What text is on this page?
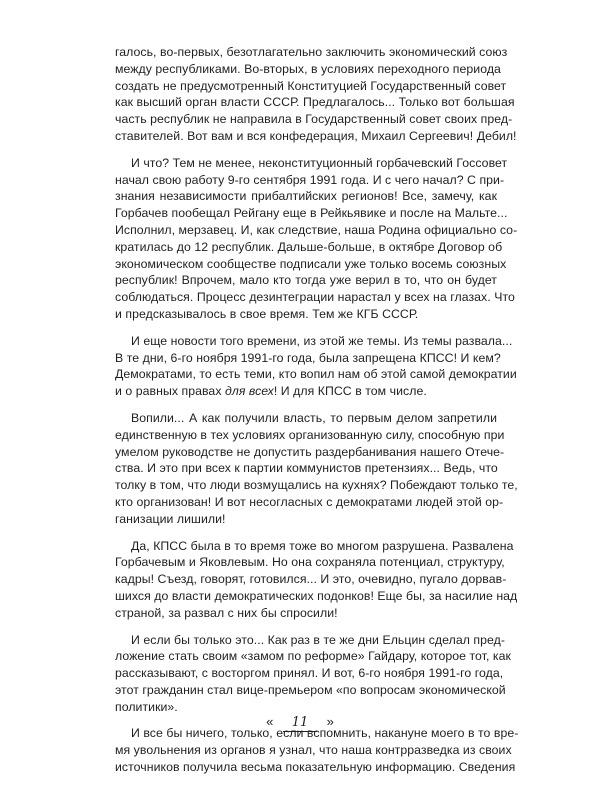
галось, во-первых, безотлагательно заключить экономический союз
между республиками. Во-вторых, в условиях переходного периода
создать не предусмотренный Конституцией Государственный совет
как высший орган власти СССР. Предлагалось... Только вот большая
часть республик не направила в Государственный совет своих пред-
ставителей. Вот вам и вся конфедерация, Михаил Сергеевич! Дебил!

И что? Тем не менее, неконституционный горбачевский Госсовет
начал свою работу 9-го сентября 1991 года. И с чего начал? С при-
знания независимости прибалтийских регионов! Все, замечу, как
Горбачев пообещал Рейгану еще в Рейкьявике и после на Мальте...
Исполнил, мерзавец. И, как следствие, наша Родина официально со-
кратилась до 12 республик. Дальше-больше, в октябре Договор об
экономическом сообществе подписали уже только восемь союзных
республик! Впрочем, мало кто тогда уже верил в то, что он будет
соблюдаться. Процесс дезинтеграции нарастал у всех на глазах. Что
и предсказывалось в свое время. Тем же КГБ СССР.

И еще новости того времени, из этой же темы. Из темы развала...
В те дни, 6-го ноября 1991-го года, была запрещена КПСС! И кем?
Демократами, то есть теми, кто вопил нам об этой самой демократии
и о равных правах для всех! И для КПСС в том числе.

Вопили... А как получили власть, то первым делом запретили
единственную в тех условиях организованную силу, способную при
умелом руководстве не допустить раздербанивания нашего Отече-
ства. И это при всех к партии коммунистов претензиях... Ведь, что
толку в том, что люди возмущались на кухнях? Побеждают только те,
кто организован! И вот несогласных с демократами людей этой ор-
ганизации лишили!

Да, КПСС была в то время тоже во многом разрушена. Развалена
Горбачевым и Яковлевым. Но она сохраняла потенциал, структуру,
кадры! Съезд, говорят, готовился... И это, очевидно, пугало дорвав-
шихся до власти демократических подонков! Еще бы, за насилие над
страной, за развал с них бы спросили!

И если бы только это... Как раз в те же дни Ельцин сделал пред-
ложение стать своим «замом по реформе» Гайдару, которое тот, как
рассказывают, с восторгом принял. И вот, 6-го ноября 1991-го года,
этот гражданин стал вице-премьером «по вопросам экономической
политики».

И все бы ничего, только, если вспомнить, накануне моего в то вре-
мя увольнения из органов я узнал, что наша контрразведка из своих
источников получила весьма показательную информацию. Сведения

« 11 »
